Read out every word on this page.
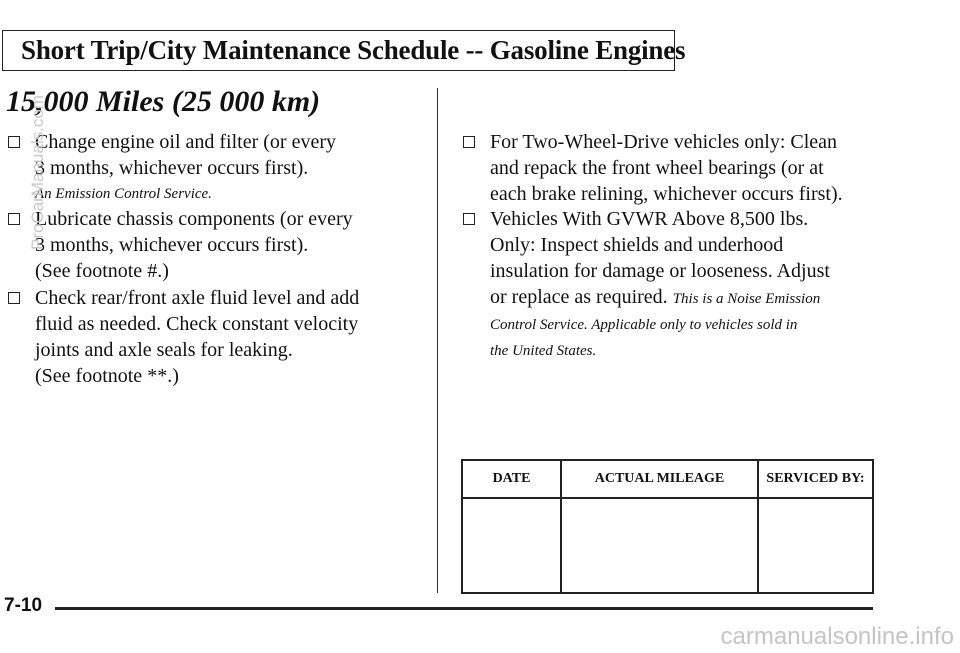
Short Trip/City Maintenance Schedule -- Gasoline Engines
15,000 Miles (25 000 km)
Change engine oil and filter (or every
3 months, whichever occurs first).
An Emission Control Service.
Lubricate chassis components (or every
3 months, whichever occurs first).
(See footnote #.)
Check rear/front axle fluid level and add
fluid as needed. Check constant velocity
joints and axle seals for leaking.
(See footnote **.)
For Two-Wheel-Drive vehicles only: Clean
and repack the front wheel bearings (or at
each brake relining, whichever occurs first).
Vehicles With GVWR Above 8,500 lbs.
Only: Inspect shields and underhood
insulation for damage or looseness. Adjust
or replace as required. This is a Noise Emission
Control Service. Applicable only to vehicles sold in
the United States.
DATE	ACTUAL MILEAGE	SERVICED BY:

ProCarManuals.com
7-10
carmanualsonline.info
